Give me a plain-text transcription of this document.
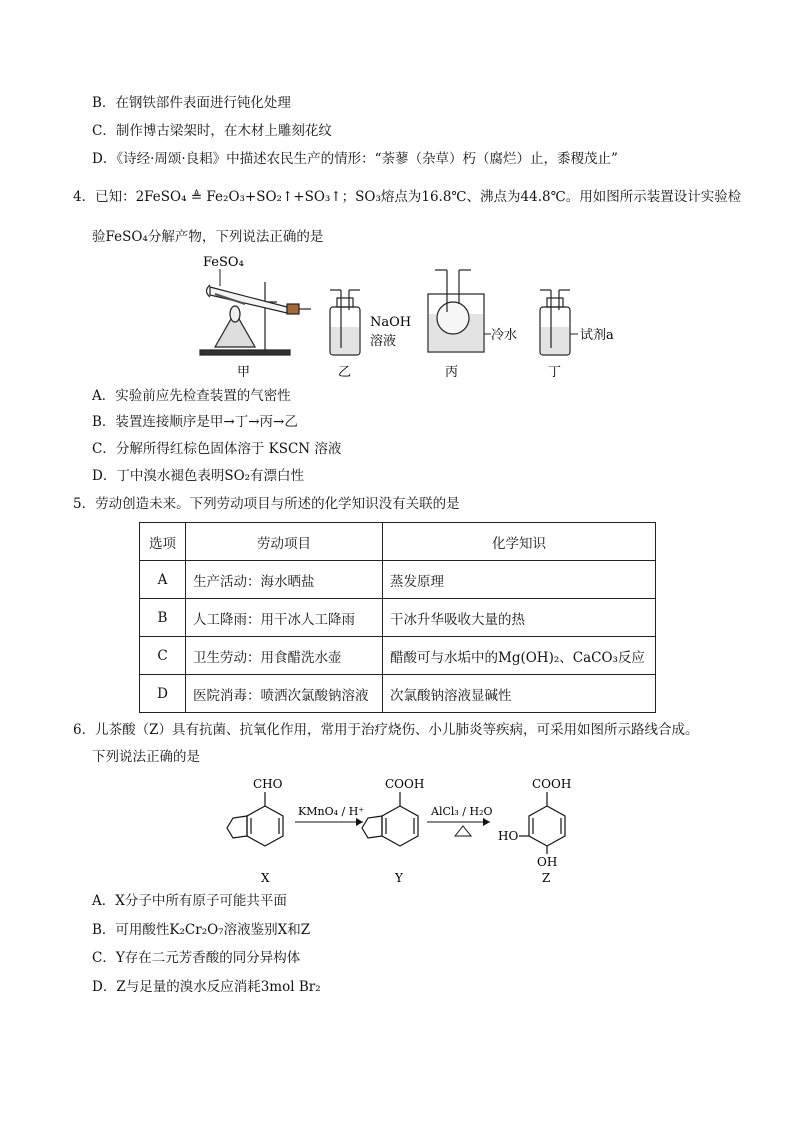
B．在钢铁部件表面进行钝化处理
C．制作博古梁架时，在木材上雕刻花纹
D．《诗经·周颂·良耜》中描述农民生产的情形：“荼蓼（杂草）朽（腐烂）止，黍稷茂止”
4．已知：2FeSO₄ ≜ Fe₂O₃+SO₂↑+SO₃↑；SO₃熔点为16.8℃、沸点为44.8℃。用如图所示装置设计实验检
验FeSO₄分解产物，下列说法正确的是
FeSO₄
NaOH
溶液	冷水	试剂a
甲	乙	丙	丁
A．实验前应先检查装置的气密性
B．装置连接顺序是甲→丁→丙→乙
C．分解所得红棕色固体溶于 KSCN 溶液
D．丁中溴水褪色表明SO₂有漂白性
5．劳动创造未来。下列劳动项目与所述的化学知识没有关联的是
选项	劳动项目	化学知识
A	生产活动：海水晒盐	蒸发原理
B	人工降雨：用干冰人工降雨	干冰升华吸收大量的热
C	卫生劳动：用食醋洗水壶	醋酸可与水垢中的Mg(OH)₂、CaCO₃反应
D	医院消毒：喷洒次氯酸钠溶液	次氯酸钠溶液显碱性
6．儿茶酸（Z）具有抗菌、抗氧化作用，常用于治疗烧伤、小儿肺炎等疾病，可采用如图所示路线合成。
下列说法正确的是
CHO
X
KMnO₄ / H⁺
COOH
Y
AlCl₃ / H₂O
COOH
HO
OH
Z
A．X分子中所有原子可能共平面
B．可用酸性K₂Cr₂O₇溶液鉴别X和Z
C．Y存在二元芳香酸的同分异构体
D．Z与足量的溴水反应消耗3mol Br₂
